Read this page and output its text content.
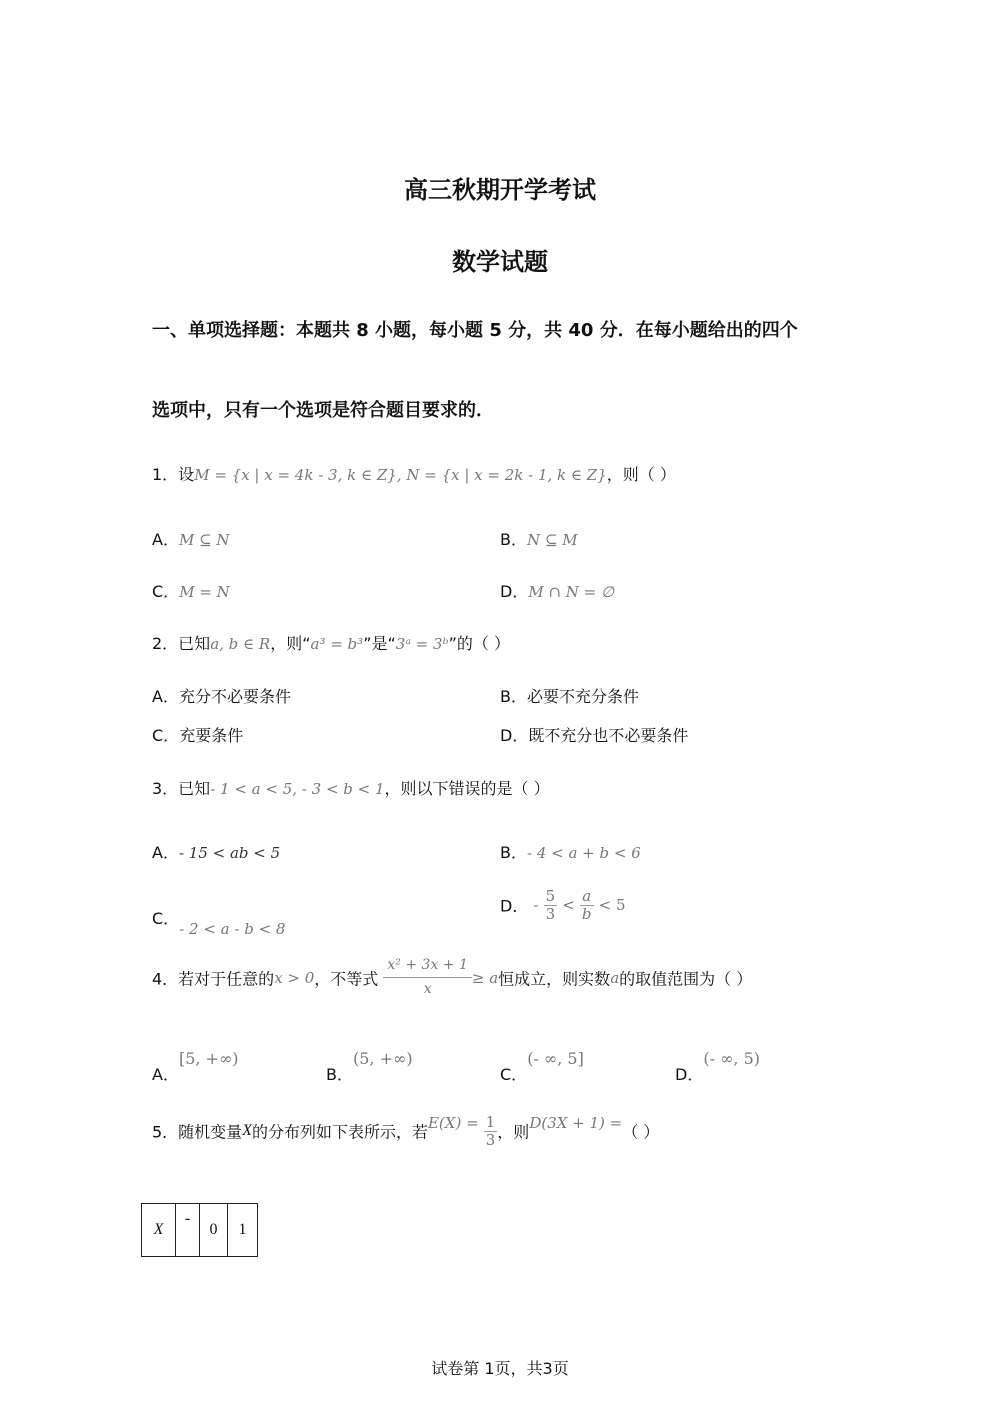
高三秋期开学考试
数学试题
一、单项选择题：本题共 8 小题，每小题 5 分，共 40 分．在每小题给出的四个
选项中，只有一个选项是符合题目要求的．
1．设M = {x | x = 4k - 3, k ∈ Z}, N = {x | x = 2k - 1, k ∈ Z}，则（ ）
A．M ⊆ N	B．N ⊆ M
C．M = N	D．M ∩ N = ∅
2．已知a, b ∈ R，则“a³ = b³”是“3ᵃ = 3ᵇ”的（ ）
A．充分不必要条件	B．必要不充分条件
C．充要条件	D．既不充分也不必要条件
3．已知- 1 < a < 5, - 3 < b < 1，则以下错误的是（ ）
A．- 15 < ab < 5	B．- 4 < a + b < 6
C．- 2 < a - b < 8
D． - $\frac{5}{3} < \frac{a}{b} < 5$
4．若对于任意的x > 0，不等式 $\frac{\text{x² + 3x + 1}}{x} \ge a$恒成立，则实数a的取值范围为（ ）
A．[5, +∞)
B．(5, +∞)
C．(- ∞, 5]
D．(- ∞, 5)
5．随机变量X的分布列如下表所示，若$E(X) = \frac{1}{3}$ ，则D(3X + 1) =（ ）
X	-	0	1
试卷第 1页，共3页
